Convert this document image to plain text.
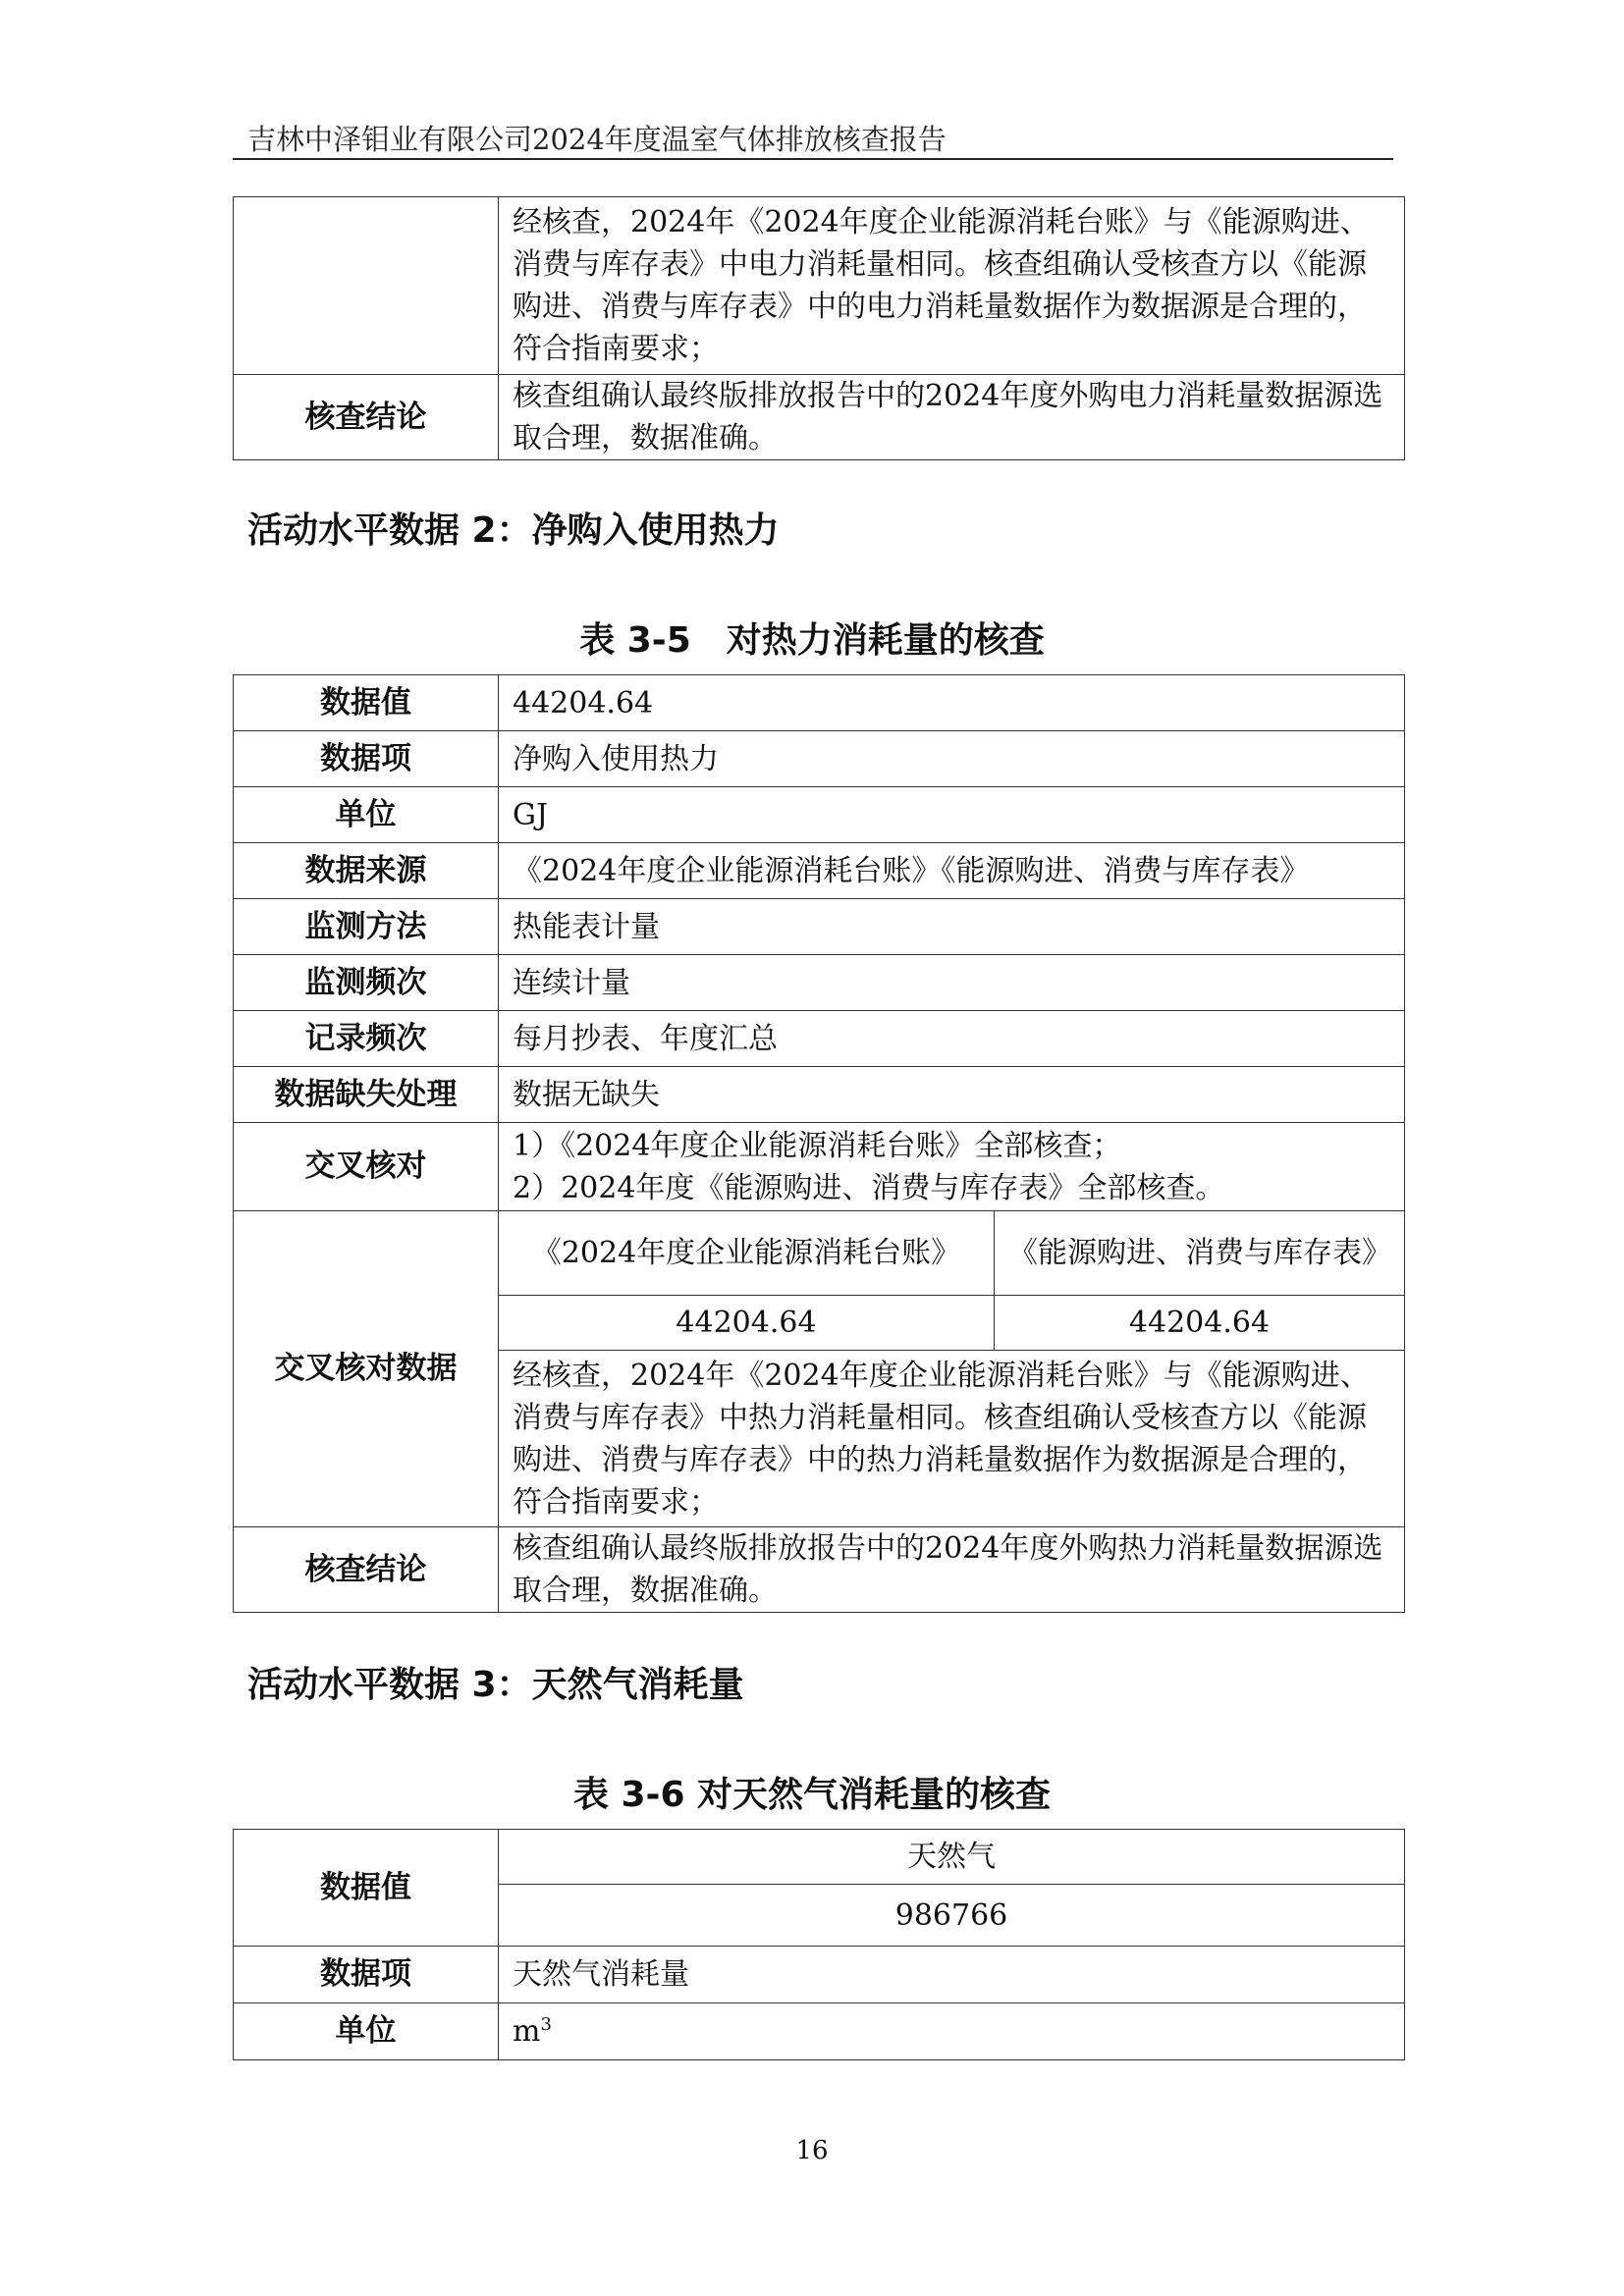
吉林中泽钼业有限公司2024年度温室气体排放核查报告
	经核查，2024年《2024年度企业能源消耗台账》与《能源购进、消费与库存表》中电力消耗量相同。核查组确认受核查方以《能源购进、消费与库存表》中的电力消耗量数据作为数据源是合理的，符合指南要求；
核查结论	核查组确认最终版排放报告中的2024年度外购电力消耗量数据源选取合理，数据准确。
活动水平数据 2：净购入使用热力
表 3-5　对热力消耗量的核查
数据值	44204.64	
数据项	净购入使用热力	
单位	GJ	
数据来源	《2024年度企业能源消耗台账》《能源购进、消费与库存表》	
监测方法	热能表计量	
监测频次	连续计量	
记录频次	每月抄表、年度汇总	
数据缺失处理	数据无缺失	
交叉核对	1）《2024年度企业能源消耗台账》全部核查；
2）2024年度《能源购进、消费与库存表》全部核查。	

交叉核对数据	《2024年度企业能源消耗台账》	《能源购进、消费与库存表》
	44204.64	44204.64
	经核查，2024年《2024年度企业能源消耗台账》与《能源购进、消费与库存表》中热力消耗量相同。核查组确认受核查方以《能源购进、消费与库存表》中的热力消耗量数据作为数据源是合理的，符合指南要求；	
核查结论	核查组确认最终版排放报告中的2024年度外购热力消耗量数据源选取合理，数据准确。	
活动水平数据 3：天然气消耗量
表 3-6 对天然气消耗量的核查
数据值	天然气
	986766
数据项	天然气消耗量
单位	$m^3$
16
